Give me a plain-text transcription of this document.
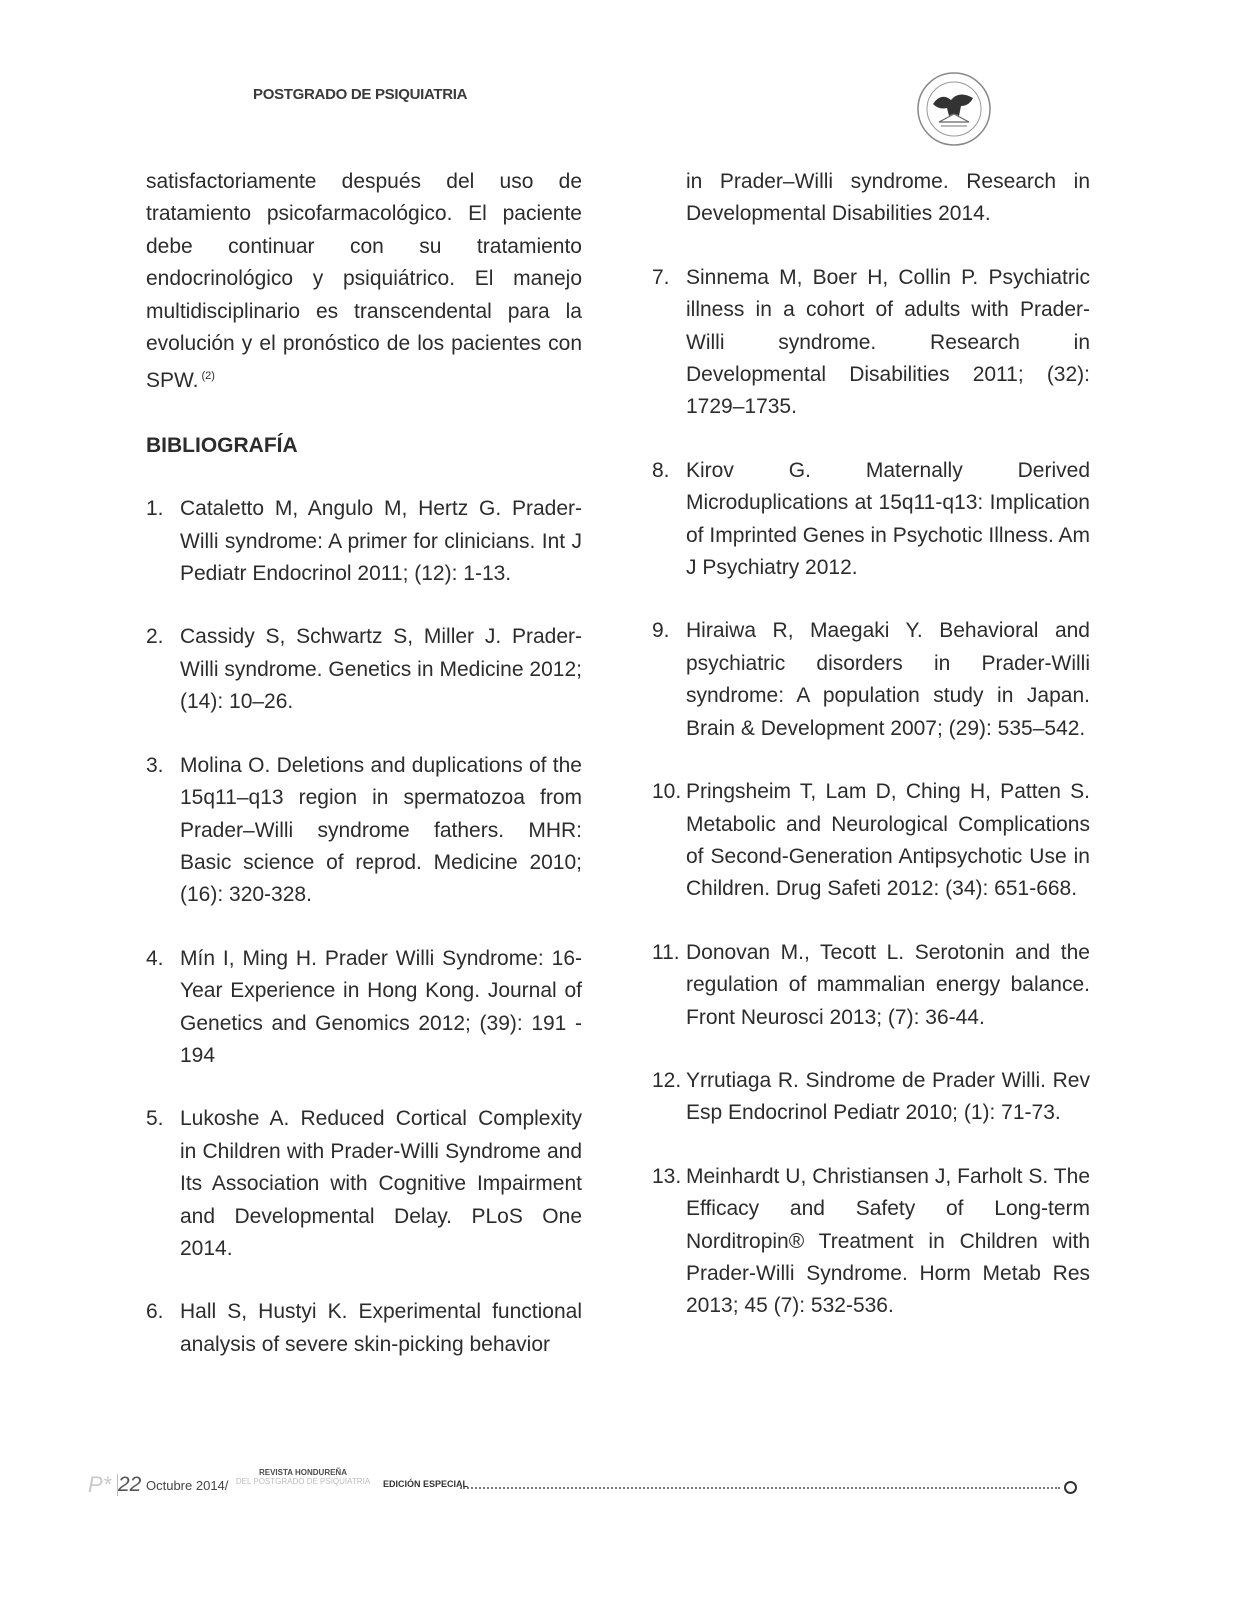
POSTGRADO DE PSIQUIATRIA

satisfactoriamente después del uso de tratamiento psicofarmacológico. El paciente debe continuar con su tratamiento endocrinológico y psiquiátrico. El manejo multidisciplinario es transcendental para la evolución y el pronóstico de los pacientes con SPW. $^{(2)}$

BIBLIOGRAFÍA
1. Cataletto M, Angulo M, Hertz G. Prader-Willi syndrome: A primer for clinicians. Int J Pediatr Endocrinol 2011; (12): 1-13.
2. Cassidy S, Schwartz S, Miller J. Prader-Willi syndrome. Genetics in Medicine 2012; (14): 10–26.
3. Molina O. Deletions and duplications of the 15q11–q13 region in spermatozoa from Prader–Willi syndrome fathers. MHR: Basic science of reprod. Medicine 2010; (16): 320-328.
4. Mín I, Ming H. Prader Willi Syndrome: 16-Year Experience in Hong Kong. Journal of Genetics and Genomics 2012; (39): 191 - 194
5. Lukoshe A. Reduced Cortical Complexity in Children with Prader-Willi Syndrome and Its Association with Cognitive Impairment and Developmental Delay. PLoS One 2014.
6. Hall S, Hustyi K. Experimental functional analysis of severe skin-picking behavior
in Prader–Willi syndrome. Research in Developmental Disabilities 2014.
7. Sinnema M, Boer H, Collin P. Psychiatric illness in a cohort of adults with Prader-Willi syndrome. Research in Developmental Disabilities 2011; (32): 1729–1735.
8. Kirov G. Maternally Derived Microduplications at 15q11-q13: Implication of Imprinted Genes in Psychotic Illness. Am J Psychiatry 2012.
9. Hiraiwa R, Maegaki Y. Behavioral and psychiatric disorders in Prader-Willi syndrome: A population study in Japan. Brain & Development 2007; (29): 535–542.
10. Pringsheim T, Lam D, Ching H, Patten S. Metabolic and Neurological Complications of Second-Generation Antipsychotic Use in Children. Drug Safeti 2012: (34): 651-668.
11. Donovan M., Tecott L. Serotonin and the regulation of mammalian energy balance. Front Neurosci 2013; (7): 36-44.
12. Yrrutiaga R. Sindrome de Prader Willi. Rev Esp Endocrinol Pediatr 2010; (1): 71-73.
13. Meinhardt U, Christiansen J, Farholt S. The Efficacy and Safety of Long-term Norditropin® Treatment in Children with Prader-Willi Syndrome. Horm Metab Res 2013; 45 (7): 532-536.
P* 22 Octubre 2014/
REVISTA HONDUREÑA
DEL POSTGRADO DE PSIQUIATRIA	EDICIÓN ESPECIAL
